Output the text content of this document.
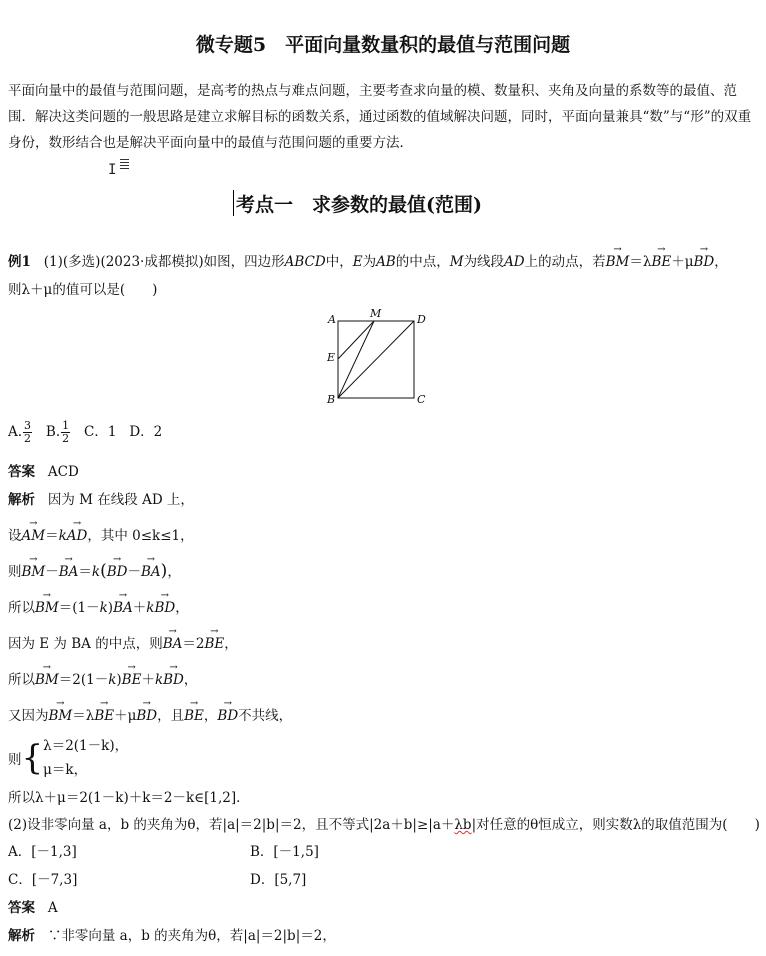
微专题5　平面向量数量积的最值与范围问题
平面向量中的最值与范围问题，是高考的热点与难点问题，主要考查求向量的模、数量积、夹角及向量的系数等的最值、范围．解决这类问题的一般思路是建立求解目标的函数关系，通过函数的值域解决问题，同时，平面向量兼具“数”与“形”的双重身份，数形结合也是解决平面向量中的最值与范围问题的重要方法．
I
考点一　求参数的最值(范围)
例1 (1)(多选)(2023·成都模拟)如图，四边形ABCD中，E为AB的中点，M为线段AD上的动点，若→ BM＝λ→ BE＋μ→ BD，
则λ＋μ的值可以是(　　)
A	M	D
E
B	C
A. $\frac{3}{2} B$. $\frac{1}{2}$ C．1 D．2
答案 ACD
解析 因为 M 在线段 AD 上，
设→ AM＝k→ AD，其中 0≤k≤1，
则→ BM－→ BA＝k(→ BD－→ BA)，
所以→ BM＝(1－k)→ BA＋k→ BD，
因为 E 为 BA 的中点，则→ BA＝2→ BE，
所以→ BM＝2(1－k)→ BE＋k→ BD，
又因为→ BM＝λ→ BE＋μ→ BD，且→ BE，→ BD不共线，
则{λ＝2(1－k)，
μ＝k，
所以λ＋μ＝2(1－k)＋k＝2－k∈[1,2]．
(2)设非零向量 a，b 的夹角为θ，若|a|＝2|b|＝2，且不等式|2a＋b|≥|a＋λb|对任意的θ恒成立，则实数λ的取值范围为(　　)
A．[－1,3]	B．[－1,5]
C．[－7,3]	D．[5,7]
答案 A
解析 ∵非零向量 a，b 的夹角为θ，若|a|＝2|b|＝2，
